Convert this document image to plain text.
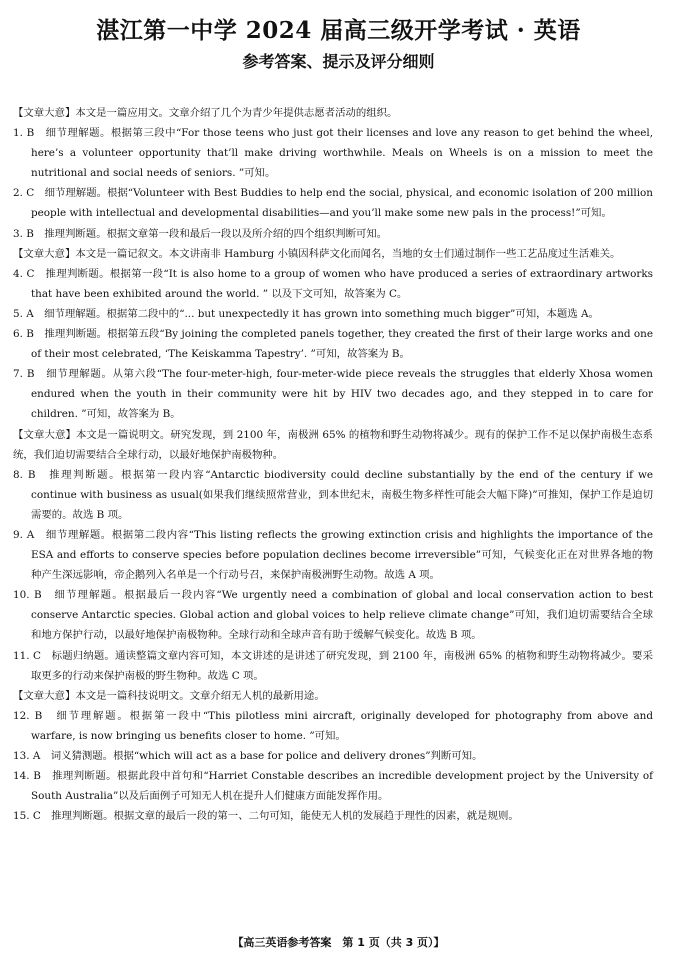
湛江第一中学 2024 届高三级开学考试 · 英语
参考答案、提示及评分细则

【文章大意】本文是一篇应用文。文章介绍了几个为青少年提供志愿者活动的组织。

1. B　细节理解题。根据第三段中“For those teens who just got their licenses and love any reason to get behind the wheel, here’s a volunteer opportunity that’ll make driving worthwhile. Meals on Wheels is on a mission to meet the nutritional and social needs of seniors. ”可知。

2. C　细节理解题。根据“Volunteer with Best Buddies to help end the social, physical, and economic isolation of 200 million people with intellectual and developmental disabilities—and you’ll make some new pals in the process!”可知。

3. B　推理判断题。根据文章第一段和最后一段以及所介绍的四个组织判断可知。

【文章大意】本文是一篇记叙文。本文讲南非 Hamburg 小镇因科萨文化而闻名，当地的女士们通过制作一些工艺品度过生活难关。

4. C　推理判断题。根据第一段“It is also home to a group of women who have produced a series of extraordinary artworks that have been exhibited around the world. ” 以及下文可知，故答案为 C。

5. A　细节理解题。根据第二段中的“... but unexpectedly it has grown into something much bigger”可知，本题选 A。

6. B　推理判断题。根据第五段“By joining the completed panels together, they created the first of their large works and one of their most celebrated, ‘The Keiskamma Tapestry’. ”可知，故答案为 B。

7. B　细节理解题。从第六段“The four-meter-high, four-meter-wide piece reveals the struggles that elderly Xhosa women endured when the youth in their community were hit by HIV two decades ago, and they stepped in to care for children. ”可知，故答案为 B。

【文章大意】本文是一篇说明文。研究发现，到 2100 年，南极洲 65% 的植物和野生动物将减少。现有的保护工作不足以保护南极生态系统，我们迫切需要结合全球行动，以最好地保护南极物种。

8. B　推理判断题。根据第一段内容“Antarctic biodiversity could decline substantially by the end of the century if we continue with business as usual(如果我们继续照常营业，到本世纪末，南极生物多样性可能会大幅下降)”可推知，保护工作是迫切需要的。故选 B 项。

9. A　细节理解题。根据第二段内容“This listing reflects the growing extinction crisis and highlights the importance of the ESA and efforts to conserve species before population declines become irreversible”可知，气候变化正在对世界各地的物种产生深远影响，帝企鹅列入名单是一个行动号召，来保护南极洲野生动物。故选 A 项。

10. B　细节理解题。根据最后一段内容“We urgently need a combination of global and local conservation action to best conserve Antarctic species. Global action and global voices to help relieve climate change”可知，我们迫切需要结合全球和地方保护行动，以最好地保护南极物种。全球行动和全球声音有助于缓解气候变化。故选 B 项。

11. C　标题归纳题。通读整篇文章内容可知，本文讲述的是讲述了研究发现，到 2100 年，南极洲 65% 的植物和野生动物将减少。要采取更多的行动来保护南极的野生物种。故选 C 项。

【文章大意】本文是一篇科技说明文。文章介绍无人机的最新用途。

12. B　细节理解题。根据第一段中“This pilotless mini aircraft, originally developed for photography from above and warfare, is now bringing us benefits closer to home. ”可知。

13. A　词义猜测题。根据“which will act as a base for police and delivery drones”判断可知。

14. B　推理判断题。根据此段中首句和“Harriet Constable describes an incredible development project by the University of South Australia”以及后面例子可知无人机在提升人们健康方面能发挥作用。

15. C　推理判断题。根据文章的最后一段的第一、二句可知，能使无人机的发展趋于理性的因素，就是规则。

【高三英语参考答案　第 1 页（共 3 页）】
